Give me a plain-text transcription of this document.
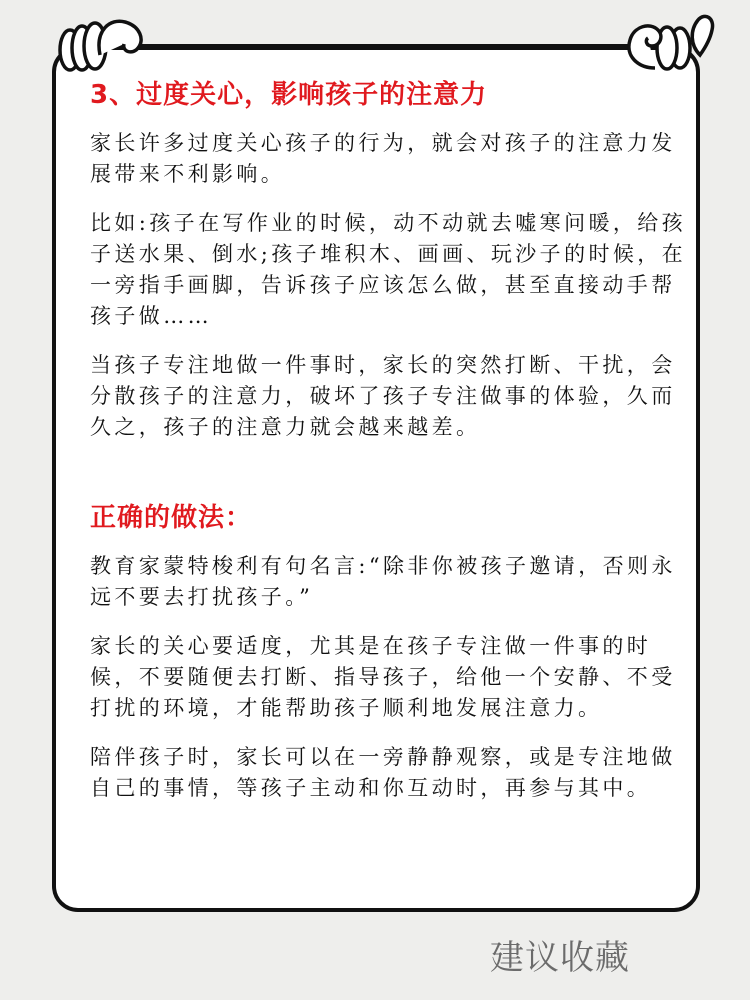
3、过度关心，影响孩子的注意力

家长许多过度关心孩子的行为，就会对孩子的注意力发展带来不利影响。

比如:孩子在写作业的时候，动不动就去嘘寒问暖，给孩子送水果、倒水;孩子堆积木、画画、玩沙子的时候，在一旁指手画脚，告诉孩子应该怎么做，甚至直接动手帮孩子做……

当孩子专注地做一件事时，家长的突然打断、干扰，会分散孩子的注意力，破坏了孩子专注做事的体验，久而久之，孩子的注意力就会越来越差。

正确的做法：

教育家蒙特梭利有句名言:“除非你被孩子邀请，否则永远不要去打扰孩子。”

家长的关心要适度，尤其是在孩子专注做一件事的时候，不要随便去打断、指导孩子，给他一个安静、不受打扰的环境，才能帮助孩子顺利地发展注意力。

陪伴孩子时，家长可以在一旁静静观察，或是专注地做自己的事情，等孩子主动和你互动时，再参与其中。

建议收藏
